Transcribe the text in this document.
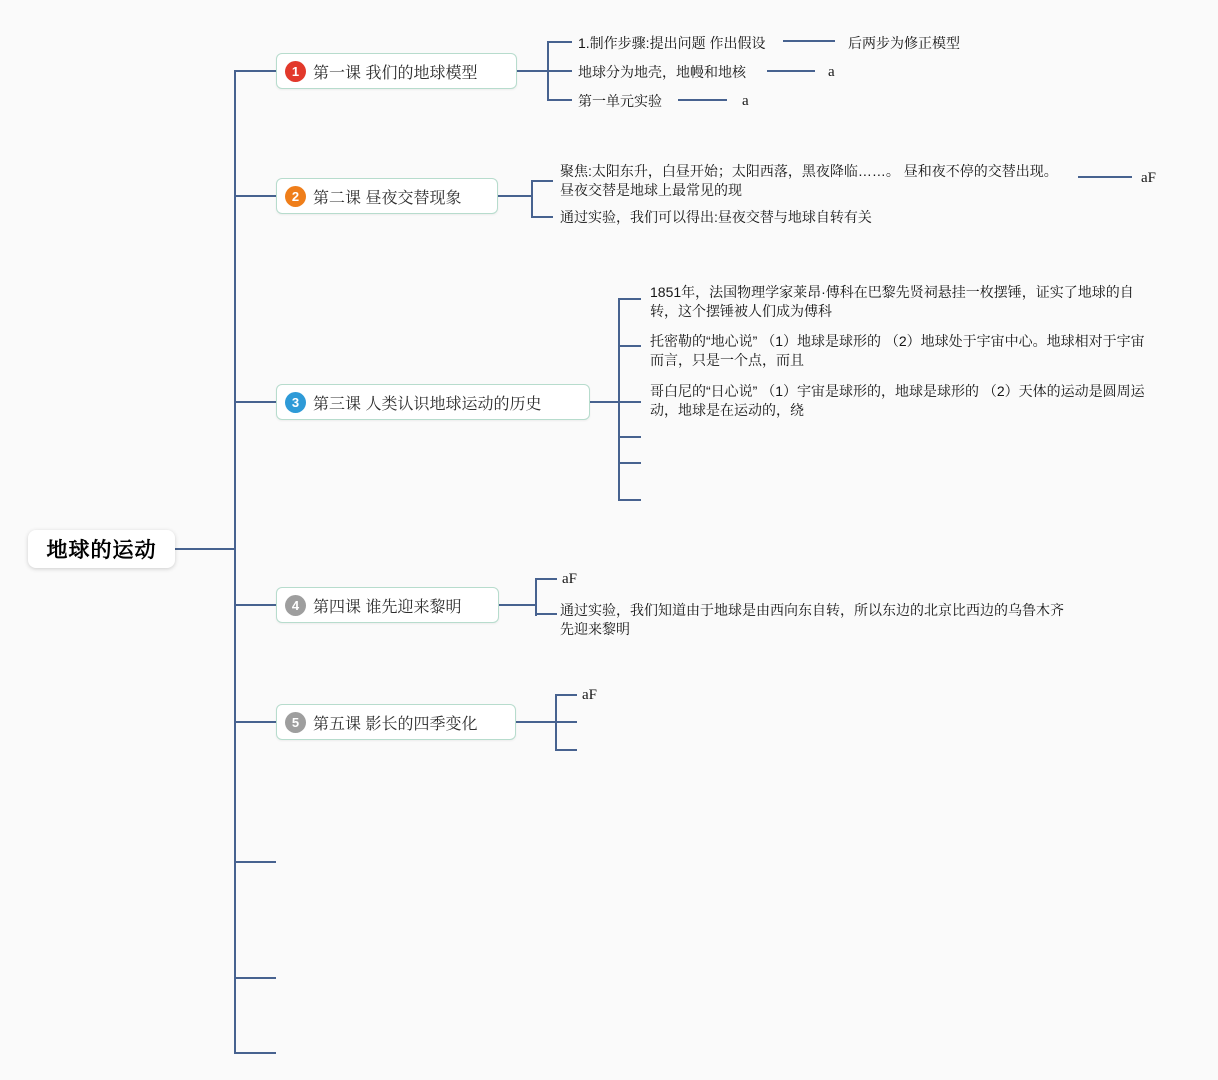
地球的运动
1 第一课 我们的地球模型
2 第二课 昼夜交替现象
3 第三课 人类认识地球运动的历史
4 第四课 谁先迎来黎明
5 第五课 影长的四季变化
1.制作步骤:提出问题 作出假设	后两步为修正模型
地球分为地壳，地幔和地核	a
第一单元实验	a
聚焦:太阳东升，白昼开始；太阳西落，黑夜降临……。 昼和夜不停的交替出现。昼夜交替是地球上最常见的现
aF
通过实验，我们可以得出:昼夜交替与地球自转有关
1851年，法国物理学家莱昂·傅科在巴黎先贤祠悬挂一枚摆锤，证实了地球的自转，这个摆锤被人们成为傅科
托密勒的“地心说” （1）地球是球形的 （2）地球处于宇宙中心。地球相对于宇宙而言，只是一个点，而且
哥白尼的“日心说” （1）宇宙是球形的，地球是球形的 （2）天体的运动是圆周运动，地球是在运动的，绕
aF
通过实验，我们知道由于地球是由西向东自转，所以东边的北京比西边的乌鲁木齐先迎来黎明
aF
